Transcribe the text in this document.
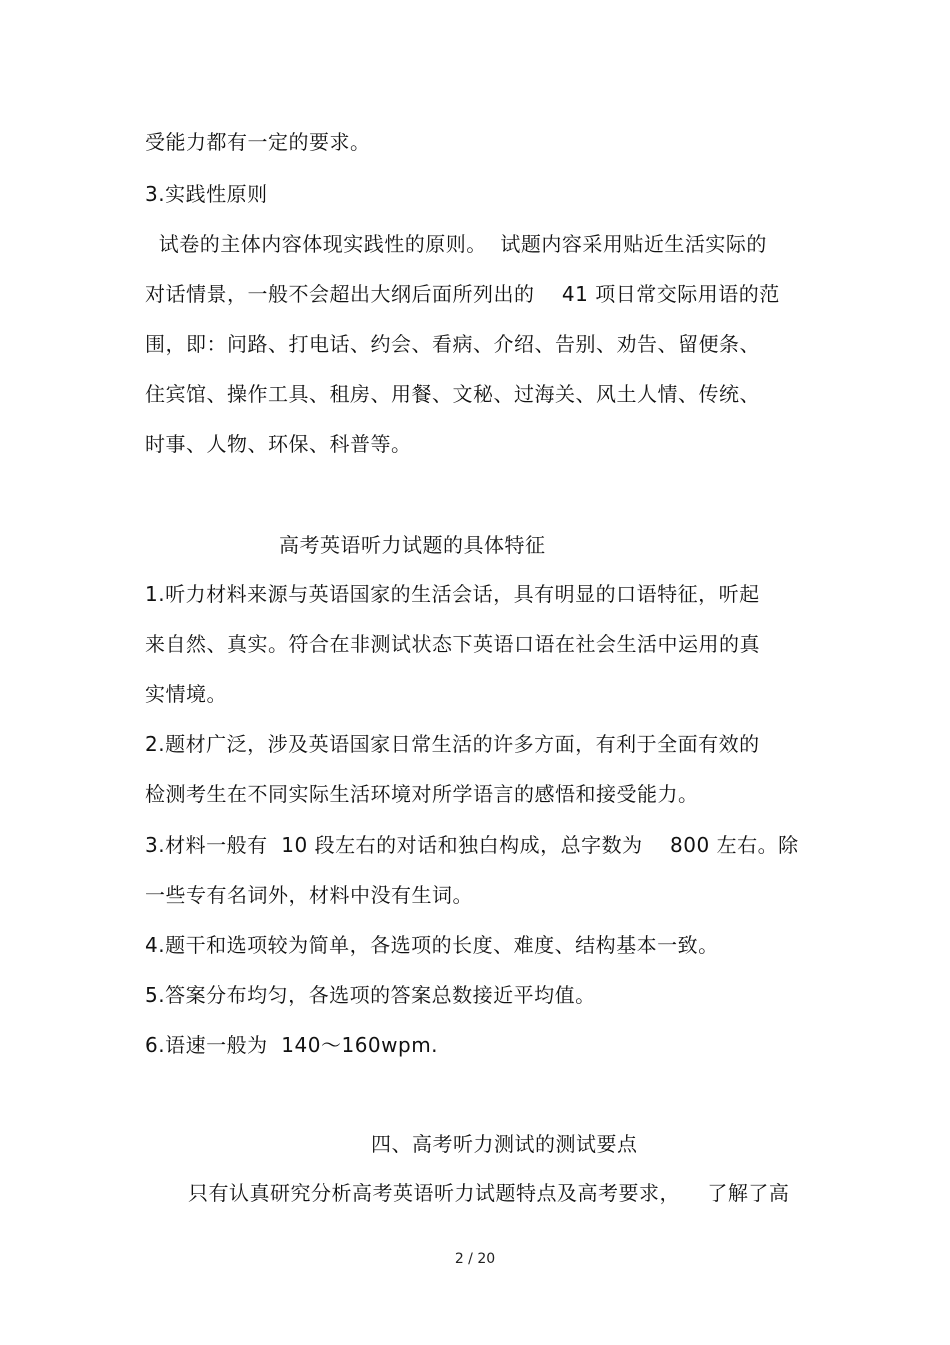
受能力都有一定的要求。
3.实践性原则
试卷的主体内容体现实践性的原则。  试题内容采用贴近生活实际的
对话情景，一般不会超出大纲后面所列出的    41 项日常交际用语的范
围，即：问路、打电话、约会、看病、介绍、告别、劝告、留便条、
住宾馆、操作工具、租房、用餐、文秘、过海关、风土人情、传统、
时事、人物、环保、科普等。
高考英语听力试题的具体特征
1.听力材料来源与英语国家的生活会话，具有明显的口语特征，听起
来自然、真实。符合在非测试状态下英语口语在社会生活中运用的真
实情境。
2.题材广泛，涉及英语国家日常生活的许多方面，有利于全面有效的
检测考生在不同实际生活环境对所学语言的感悟和接受能力。
3.材料一般有  10 段左右的对话和独白构成，总字数为    800 左右。除
一些专有名词外，材料中没有生词。
4.题干和选项较为简单，各选项的长度、难度、结构基本一致。
5.答案分布均匀，各选项的答案总数接近平均值。
6.语速一般为  140～160wpm.
四、高考听力测试的测试要点
只有认真研究分析高考英语听力试题特点及高考要求，    了解了高
2 / 20
